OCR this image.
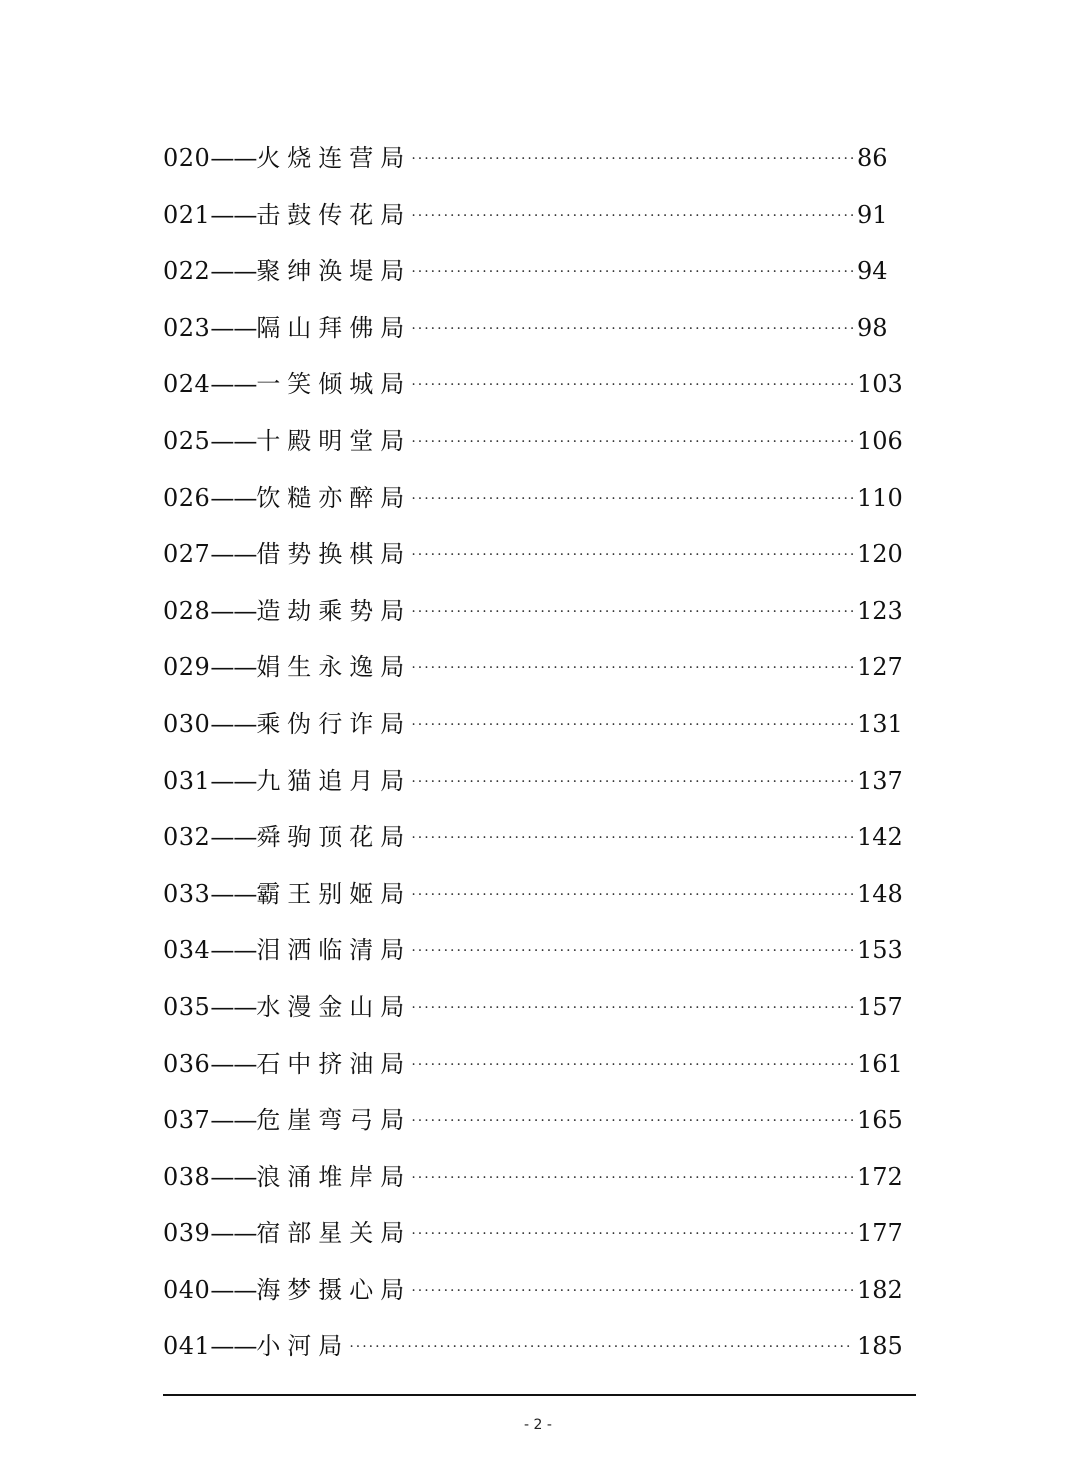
020 —— 火烧连营局 ·····	86
021 —— 击鼓传花局 ·····	91
022 —— 聚绅涣堤局 ·····	94
023 —— 隔山拜佛局 ·····	98
024 —— 一笑倾城局 ·····	103
025 —— 十殿明堂局 ·····	106
026 —— 饮糙亦醉局 ·····	110
027 —— 借势换棋局 ·····	120
028 —— 造劫乘势局 ·····	123
029 —— 娟生永逸局 ·····	127
030 —— 乘伪行诈局 ·····	131
031 —— 九猫追月局 ·····	137
032 —— 舜驹顶花局 ·····	142
033 —— 霸王别姬局 ·····	148
034 —— 泪洒临清局 ·····	153
035 —— 水漫金山局 ·····	157
036 —— 石中挤油局 ·····	161
037 —— 危崖弯弓局 ·····	165
038 —— 浪涌堆岸局 ·····	172
039 —— 宿部星关局 ·····	177
040 —— 海梦摄心局 ·····	182
041 —— 小河局 ·····	185
- 2 -
